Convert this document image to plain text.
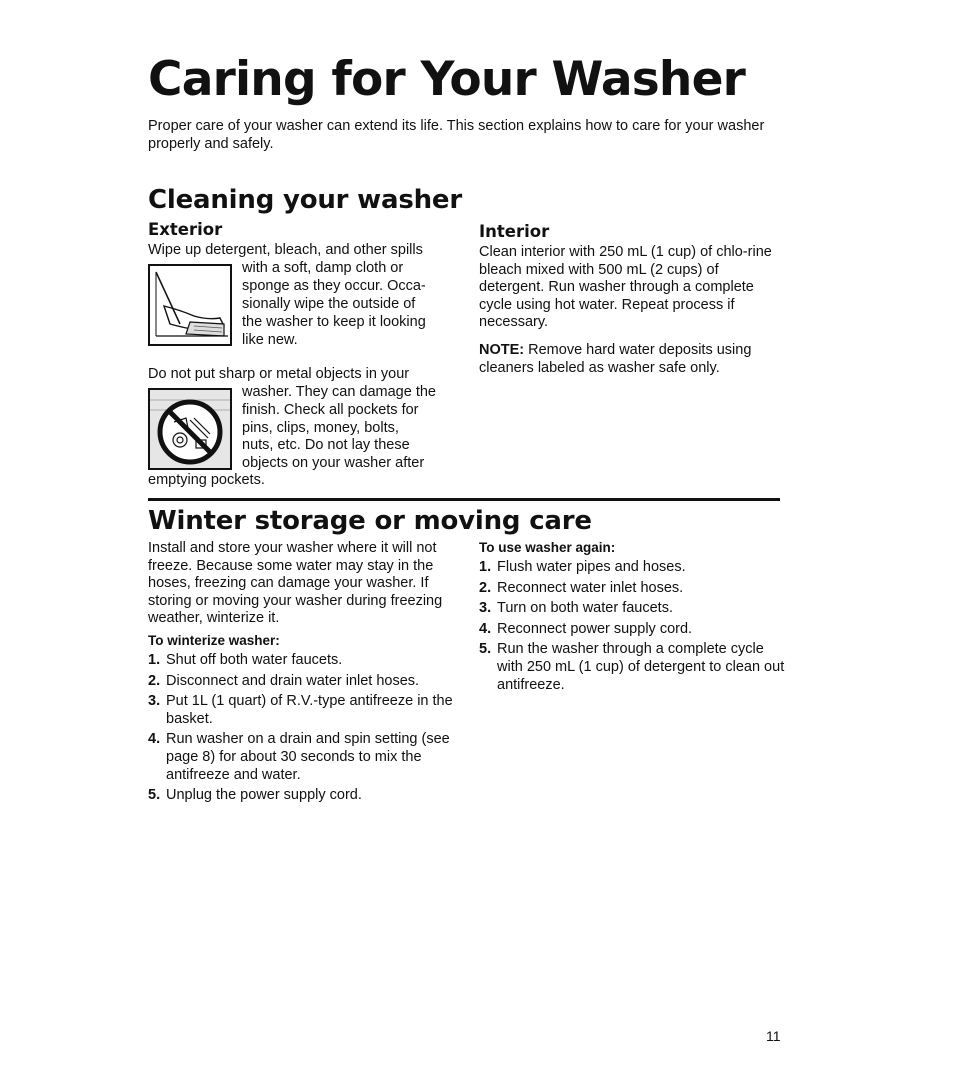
Caring for Your Washer

Proper care of your washer can extend its life. This section explains how to care for your washer properly and safely.

Cleaning your washer
Exterior
Wipe up detergent, bleach, and other spills
with a soft, damp cloth or
sponge as they occur. Occa-
sionally wipe the outside of
the washer to keep it looking
like new.
Do not put sharp or metal objects in your
washer. They can damage the
finish. Check all pockets for
pins, clips, money, bolts,
nuts, etc. Do not lay these
objects on your washer after
emptying pockets.
Interior

Clean interior with 250 mL (1 cup) of chlo-rine bleach mixed with 500 mL (2 cups) of detergent. Run washer through a complete cycle using hot water. Repeat process if necessary.

NOTE: Remove hard water deposits using cleaners labeled as washer safe only.

Winter storage or moving care

Install and store your washer where it will not freeze. Because some water may stay in the hoses, freezing can damage your washer. If storing or moving your washer during freezing weather, winterize it.

To winterize washer:

1. Shut off both water faucets.
2. Disconnect and drain water inlet hoses.
3. Put 1L (1 quart) of R.V.-type antifreeze in the basket.
4. Run washer on a drain and spin setting (see page 8) for about 30 seconds to mix the antifreeze and water.
5. Unplug the power supply cord.

To use washer again:

1. Flush water pipes and hoses.
2. Reconnect water inlet hoses.
3. Turn on both water faucets.
4. Reconnect power supply cord.
5. Run the washer through a complete cycle with 250 mL (1 cup) of detergent to clean out antifreeze.
11
